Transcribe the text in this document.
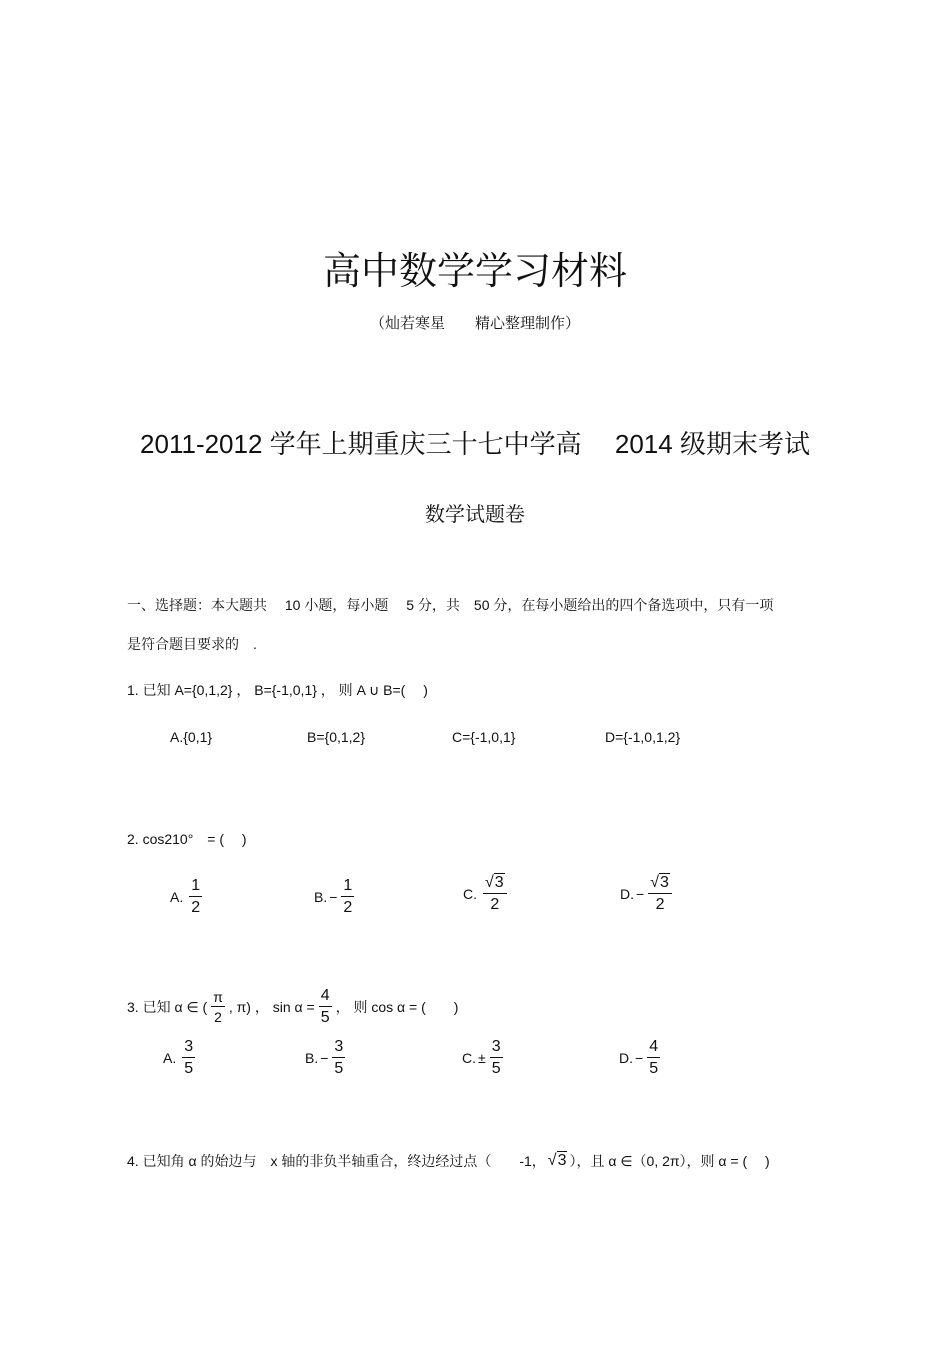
高中数学学习材料
（灿若寒星　　精心整理制作）
2011-2012 学年上期重庆三十七中学高　 2014 级期末考试
数学试题卷
一、选择题：本大题共　 10 小题，每小题　 5 分，共　50 分，在每小题给出的四个备选项中，只有一项
是符合题目要求的　.
1. 已知 A={0,1,2} ， B={-1,0,1} ， 则 A ∪ B=(　 )
A.{0,1}	B={0,1,2}	C={-1,0,1}	D={-1,0,1,2}
2. cos210°　= (　 )
A. $\frac{1}{2}$	B. − $\frac{1}{2}$	C. $\frac{√3}{2}$	D. − $\frac{√3}{2}$
3. 已知 α ∈ ( $\frac{\pi}{2}$ , π) ， $\sin \alpha = \frac{4}{5}$ ， 则 cos α = (　　)
A. $\frac{3}{5}$	B. − $\frac{3}{5}$	C. ± $\frac{3}{5}$	D. − $\frac{4}{5}$
4. 已知角 α 的始边与　x 轴的非负半轴重合，终边经过点（　　-1， √3 ），且 α ∈（0, 2π），则 α = (　 )
